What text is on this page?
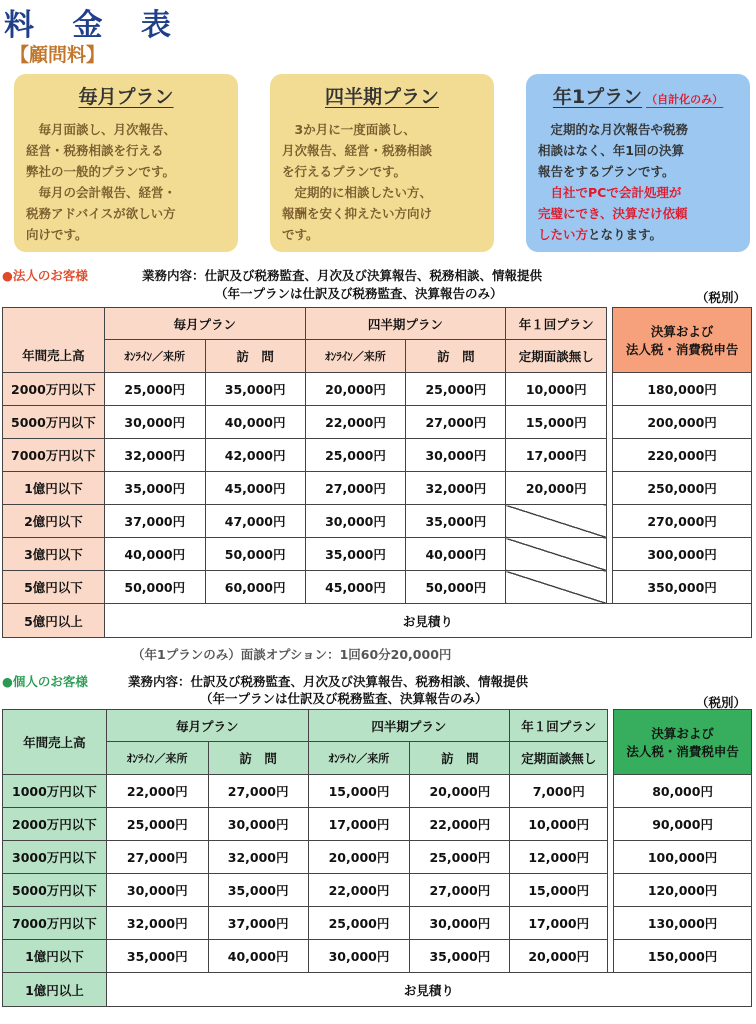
料 金 表
【顧問料】
毎月プラン

　毎月面談し、月次報告、

経営・税務相談を行える

弊社の一般的プランです。

　毎月の会計報告、経営・

税務アドバイスが欲しい方

向けです。

四半期プラン

　3か月に一度面談し、

月次報告、経営・税務相談

を行えるプランです。

　定期的に相談したい方、

報酬を安く抑えたい方向け

です。

年1プラン （自計化のみ）

　定期的な月次報告や税務

相談はなく、年1回の決算

報告をするプランです。

　自社でPCで会計処理が

完璧にでき、決算だけ依頼

したい方となります。

●法人のお客様	業務内容：仕訳及び税務監査、月次及び決算報告、税務相談、情報提供
（年一プランは仕訳及び税務監査、決算報告のみ）	（税別）
年間売上高	毎月プラン		四半期プラン		年１回プラン		決算および
法人税・消費税申告

	ｵﾝﾗｲﾝ／来所	訪　問	ｵﾝﾗｲﾝ／来所	訪　問	定期面談無し		
2000万円以下	25,000円	35,000円	20,000円	25,000円	10,000円		180,000円
5000万円以下	30,000円	40,000円	22,000円	27,000円	15,000円		200,000円
7000万円以下	32,000円	42,000円	25,000円	30,000円	17,000円		220,000円
1億円以下	35,000円	45,000円	27,000円	32,000円	20,000円		250,000円
2億円以下	37,000円	47,000円	30,000円	35,000円			270,000円
3億円以下	40,000円	50,000円	35,000円	40,000円			300,000円
5億円以下	50,000円	60,000円	45,000円	50,000円			350,000円
5億円以上	お見積り						
（年1プランのみ）面談オプション：1回60分20,000円
●個人のお客様	業務内容：仕訳及び税務監査、月次及び決算報告、税務相談、情報提供
（年一プランは仕訳及び税務監査、決算報告のみ）	（税別）
年間売上高	毎月プラン		四半期プラン		年１回プラン		決算および
法人税・消費税申告

	ｵﾝﾗｲﾝ／来所	訪　問	ｵﾝﾗｲﾝ／来所	訪　問	定期面談無し		
1000万円以下	22,000円	27,000円	15,000円	20,000円	7,000円		80,000円
2000万円以下	25,000円	30,000円	17,000円	22,000円	10,000円		90,000円
3000万円以下	27,000円	32,000円	20,000円	25,000円	12,000円		100,000円
5000万円以下	30,000円	35,000円	22,000円	27,000円	15,000円		120,000円
7000万円以下	32,000円	37,000円	25,000円	30,000円	17,000円		130,000円
1億円以下	35,000円	40,000円	30,000円	35,000円	20,000円		150,000円
1億円以上	お見積り						
